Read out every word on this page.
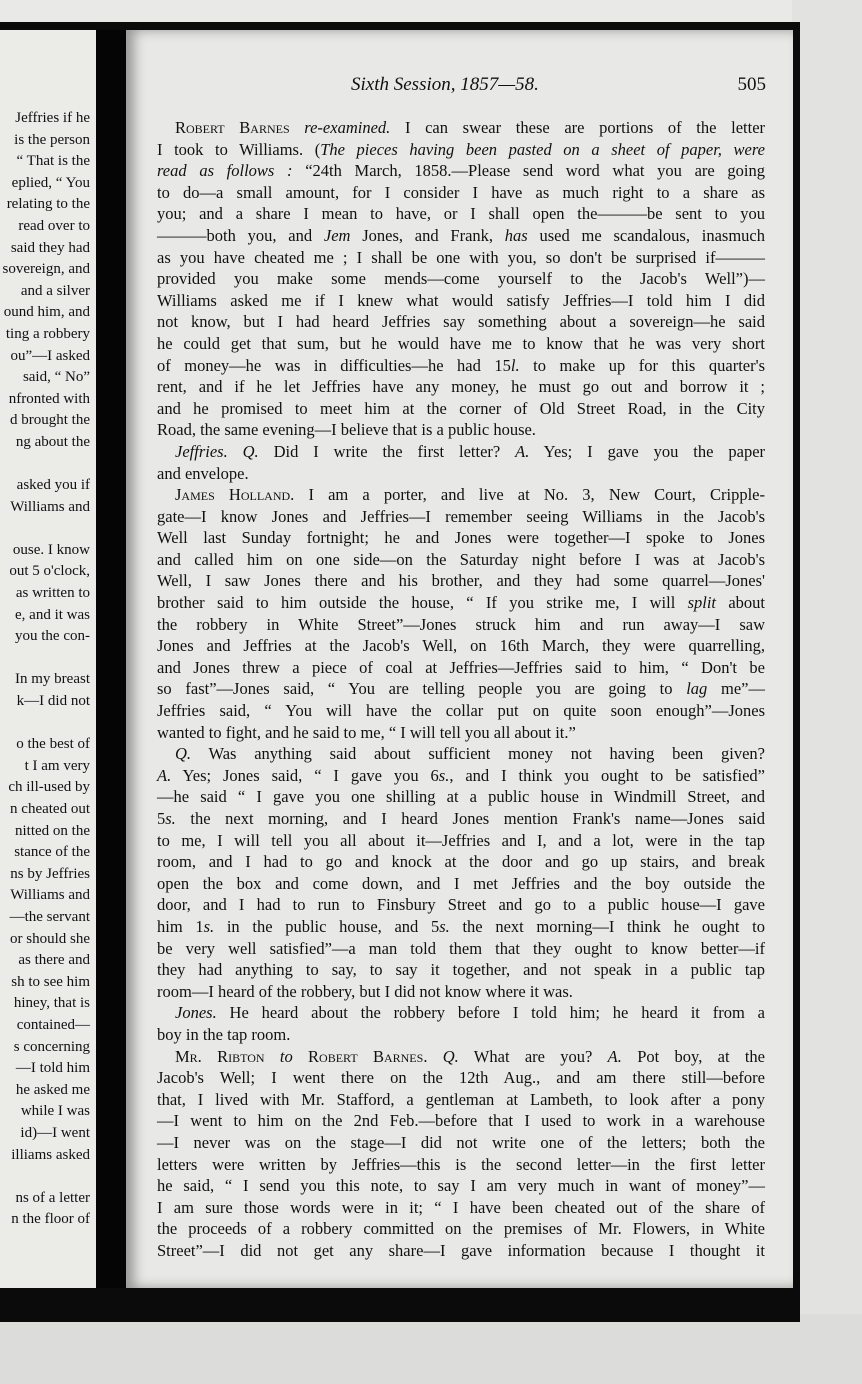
Jeffries if he
is the person
“ That is the
eplied, “ You
relating to the
read over to
said they had
sovereign, and
and a silver
ound him, and
ting a robbery
ou”—I asked
said, “ No”
nfronted with
d brought the
ng about the
asked you if
Williams and
ouse. I know
out 5 o'clock,
as written to
e, and it was
you the con-
In my breast
k—I did not
o the best of
t I am very
ch ill-used by
n cheated out
nitted on the
stance of the
ns by Jeffries
Williams and
—the servant
or should she
as there and
sh to see him
hiney, that is
contained—
s concerning
—I told him
he asked me
while I was
id)—I went
illiams asked
ns of a letter
n the floor of
Sixth Session, 1857—58.	505
Robert Barnes re-examined. I can swear these are portions of the letter
I took to Williams. (The pieces having been pasted on a sheet of paper, were
read as follows : “24th March, 1858.—Please send word what you are going
to do—a small amount, for I consider I have as much right to a share as
you; and a share I mean to have, or I shall open the———be sent to you
———both you, and Jem Jones, and Frank, has used me scandalous, inasmuch
as you have cheated me ; I shall be one with you, so don't be surprised if———
provided you make some mends—come yourself to the Jacob's Well”)—
Williams asked me if I knew what would satisfy Jeffries—I told him I did
not know, but I had heard Jeffries say something about a sovereign—he said
he could get that sum, but he would have me to know that he was very short
of money—he was in difficulties—he had 15l. to make up for this quarter's
rent, and if he let Jeffries have any money, he must go out and borrow it ;
and he promised to meet him at the corner of Old Street Road, in the City
Road, the same evening—I believe that is a public house.
Jeffries. Q. Did I write the first letter? A. Yes; I gave you the paper
and envelope.
James Holland. I am a porter, and live at No. 3, New Court, Cripple-
gate—I know Jones and Jeffries—I remember seeing Williams in the Jacob's
Well last Sunday fortnight; he and Jones were together—I spoke to Jones
and called him on one side—on the Saturday night before I was at Jacob's
Well, I saw Jones there and his brother, and they had some quarrel—Jones'
brother said to him outside the house, “ If you strike me, I will split about
the robbery in White Street”—Jones struck him and run away—I saw
Jones and Jeffries at the Jacob's Well, on 16th March, they were quarrelling,
and Jones threw a piece of coal at Jeffries—Jeffries said to him, “ Don't be
so fast”—Jones said, “ You are telling people you are going to lag me”—
Jeffries said, “ You will have the collar put on quite soon enough”—Jones
wanted to fight, and he said to me, “ I will tell you all about it.”
Q. Was anything said about sufficient money not having been given?
A. Yes; Jones said, “ I gave you 6s., and I think you ought to be satisfied”
—he said “ I gave you one shilling at a public house in Windmill Street, and
5s. the next morning, and I heard Jones mention Frank's name—Jones said
to me, I will tell you all about it—Jeffries and I, and a lot, were in the tap
room, and I had to go and knock at the door and go up stairs, and break
open the box and come down, and I met Jeffries and the boy outside the
door, and I had to run to Finsbury Street and go to a public house—I gave
him 1s. in the public house, and 5s. the next morning—I think he ought to
be very well satisfied”—a man told them that they ought to know better—if
they had anything to say, to say it together, and not speak in a public tap
room—I heard of the robbery, but I did not know where it was.
Jones. He heard about the robbery before I told him; he heard it from a
boy in the tap room.
Mr. Ribton to Robert Barnes. Q. What are you? A. Pot boy, at the
Jacob's Well; I went there on the 12th Aug., and am there still—before
that, I lived with Mr. Stafford, a gentleman at Lambeth, to look after a pony
—I went to him on the 2nd Feb.—before that I used to work in a warehouse
—I never was on the stage—I did not write one of the letters; both the
letters were written by Jeffries—this is the second letter—in the first letter
he said, “ I send you this note, to say I am very much in want of money”—
I am sure those words were in it; “ I have been cheated out of the share of
the proceeds of a robbery committed on the premises of Mr. Flowers, in White
Street”—I did not get any share—I gave information because I thought it
